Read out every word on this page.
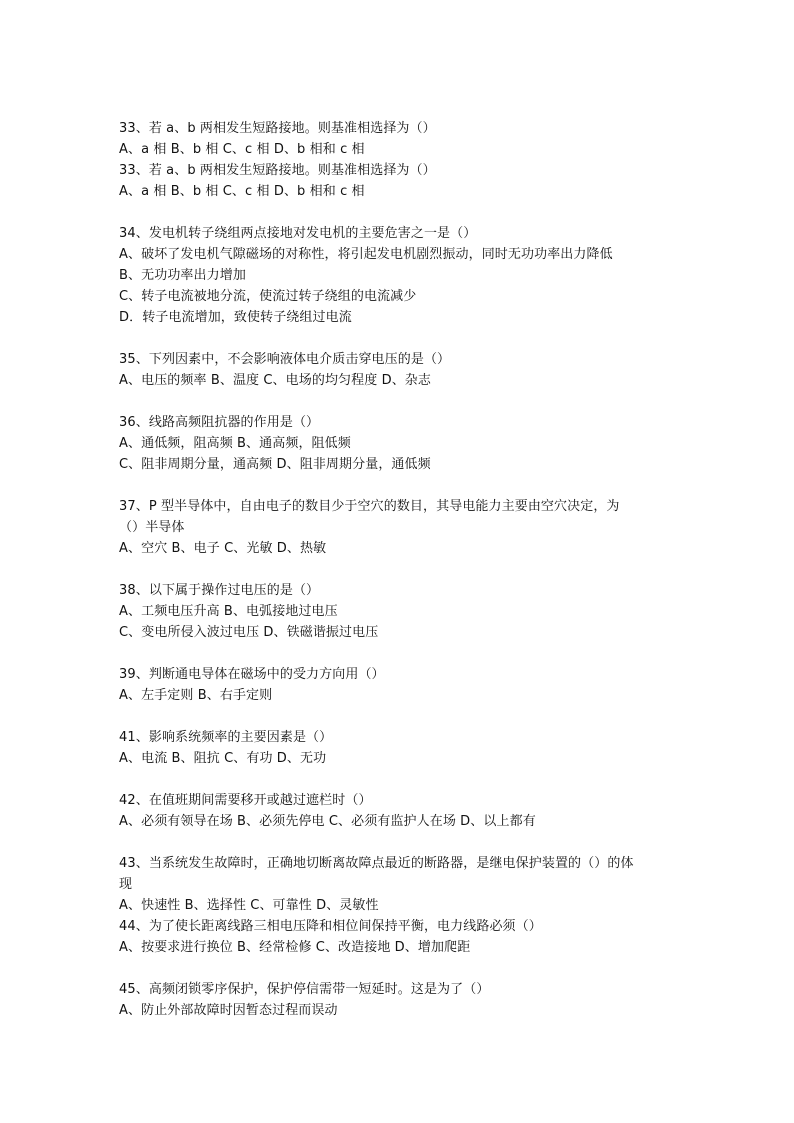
33、若 a、b 两相发生短路接地。则基准相选择为（）
A、a 相 B、b 相 C、c 相 D、b 相和 c 相
33、若 a、b 两相发生短路接地。则基准相选择为（）
A、a 相 B、b 相 C、c 相 D、b 相和 c 相
34、发电机转子绕组两点接地对发电机的主要危害之一是（）
A、破坏了发电机气隙磁场的对称性，将引起发电机剧烈振动，同时无功功率出力降低
B、无功功率出力增加
C、转子电流被地分流，使流过转子绕组的电流减少
D．转子电流增加，致使转子绕组过电流
35、下列因素中，不会影响液体电介质击穿电压的是（）
A、电压的频率 B、温度 C、电场的均匀程度 D、杂志
36、线路高频阻抗器的作用是（）
A、通低频，阻高频 B、通高频，阻低频
C、阻非周期分量，通高频 D、阻非周期分量，通低频
37、P 型半导体中，自由电子的数目少于空穴的数目，其导电能力主要由空穴决定，为
（）半导体
A、空穴 B、电子 C、光敏 D、热敏
38、以下属于操作过电压的是（）
A、工频电压升高 B、电弧接地过电压
C、变电所侵入波过电压 D、铁磁谐振过电压
39、判断通电导体在磁场中的受力方向用（）
A、左手定则 B、右手定则
41、影响系统频率的主要因素是（）
A、电流 B、阻抗 C、有功 D、无功
42、在值班期间需要移开或越过遮栏时（）
A、必须有领导在场 B、必须先停电 C、必须有监护人在场 D、以上都有
43、当系统发生故障时，正确地切断离故障点最近的断路器，是继电保护装置的（）的体
现
A、快速性 B、选择性 C、可靠性 D、灵敏性
44、为了使长距离线路三相电压降和相位间保持平衡，电力线路必须（）
A、按要求进行换位 B、经常检修 C、改造接地 D、增加爬距
45、高频闭锁零序保护，保护停信需带一短延时。这是为了（）
A、防止外部故障时因暂态过程而误动
